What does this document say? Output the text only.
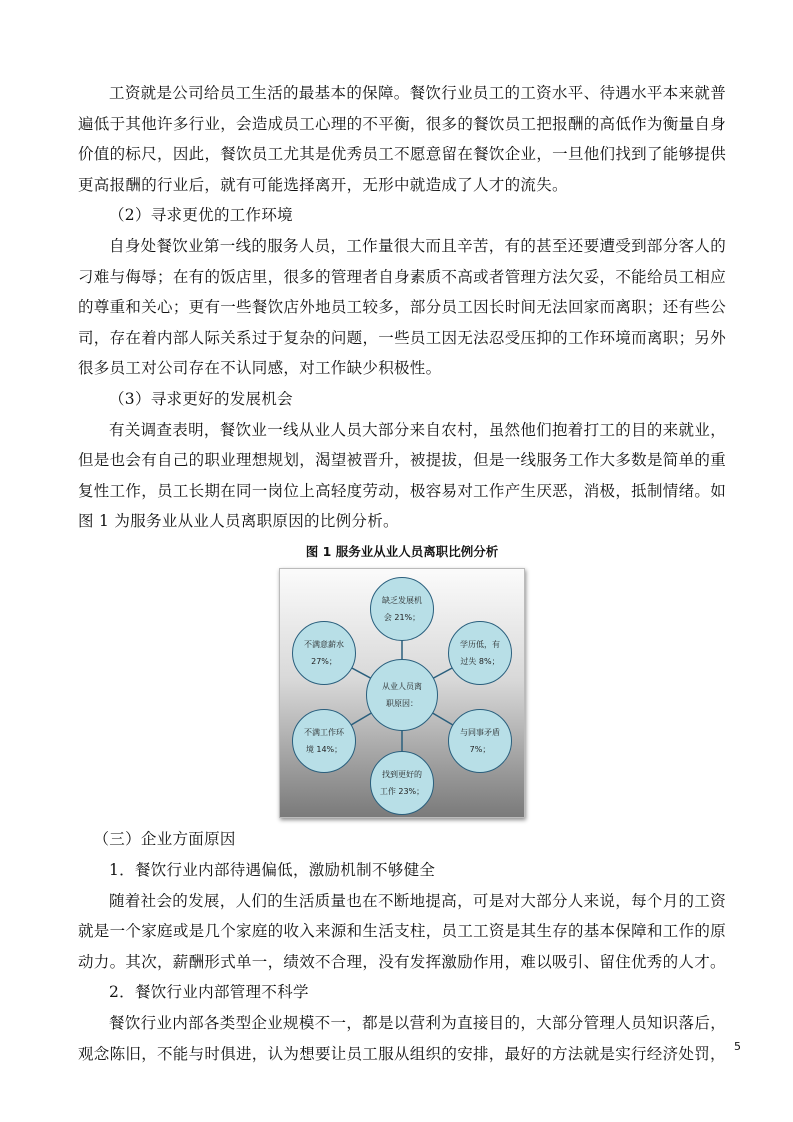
工资就是公司给员工生活的最基本的保障。餐饮行业员工的工资水平、待遇水平本来就普遍低于其他许多行业，会造成员工心理的不平衡，很多的餐饮员工把报酬的高低作为衡量自身价值的标尺，因此，餐饮员工尤其是优秀员工不愿意留在餐饮企业，一旦他们找到了能够提供更高报酬的行业后，就有可能选择离开，无形中就造成了人才的流失。

（2）寻求更优的工作环境

自身处餐饮业第一线的服务人员，工作量很大而且辛苦，有的甚至还要遭受到部分客人的刁难与侮辱；在有的饭店里，很多的管理者自身素质不高或者管理方法欠妥，不能给员工相应的尊重和关心；更有一些餐饮店外地员工较多，部分员工因长时间无法回家而离职；还有些公司，存在着内部人际关系过于复杂的问题，一些员工因无法忍受压抑的工作环境而离职；另外很多员工对公司存在不认同感，对工作缺少积极性。

（3）寻求更好的发展机会

有关调查表明，餐饮业一线从业人员大部分来自农村，虽然他们抱着打工的目的来就业，但是也会有自己的职业理想规划，渴望被晋升，被提拔，但是一线服务工作大多数是简单的重复性工作，员工长期在同一岗位上高轻度劳动，极容易对工作产生厌恶，消极，抵制情绪。如图 1 为服务业从业人员离职原因的比例分析。

图 1 服务业从业人员离职比例分析

从业人员离
职原因：
缺乏发展机
会 21%；
学历低，有
过失 8%；
与同事矛盾
7%；
找到更好的
工作 23%；
不满工作环
境 14%；
不满意薪水
27%；

（三）企业方面原因

1．餐饮行业内部待遇偏低，激励机制不够健全

随着社会的发展，人们的生活质量也在不断地提高，可是对大部分人来说，每个月的工资就是一个家庭或是几个家庭的收入来源和生活支柱，员工工资是其生存的基本保障和工作的原动力。其次，薪酬形式单一，绩效不合理，没有发挥激励作用，难以吸引、留住优秀的人才。

2．餐饮行业内部管理不科学

餐饮行业内部各类型企业规模不一，都是以营利为直接目的，大部分管理人员知识落后，观念陈旧，不能与时俱进，认为想要让员工服从组织的安排，最好的方法就是实行经济处罚， 5
